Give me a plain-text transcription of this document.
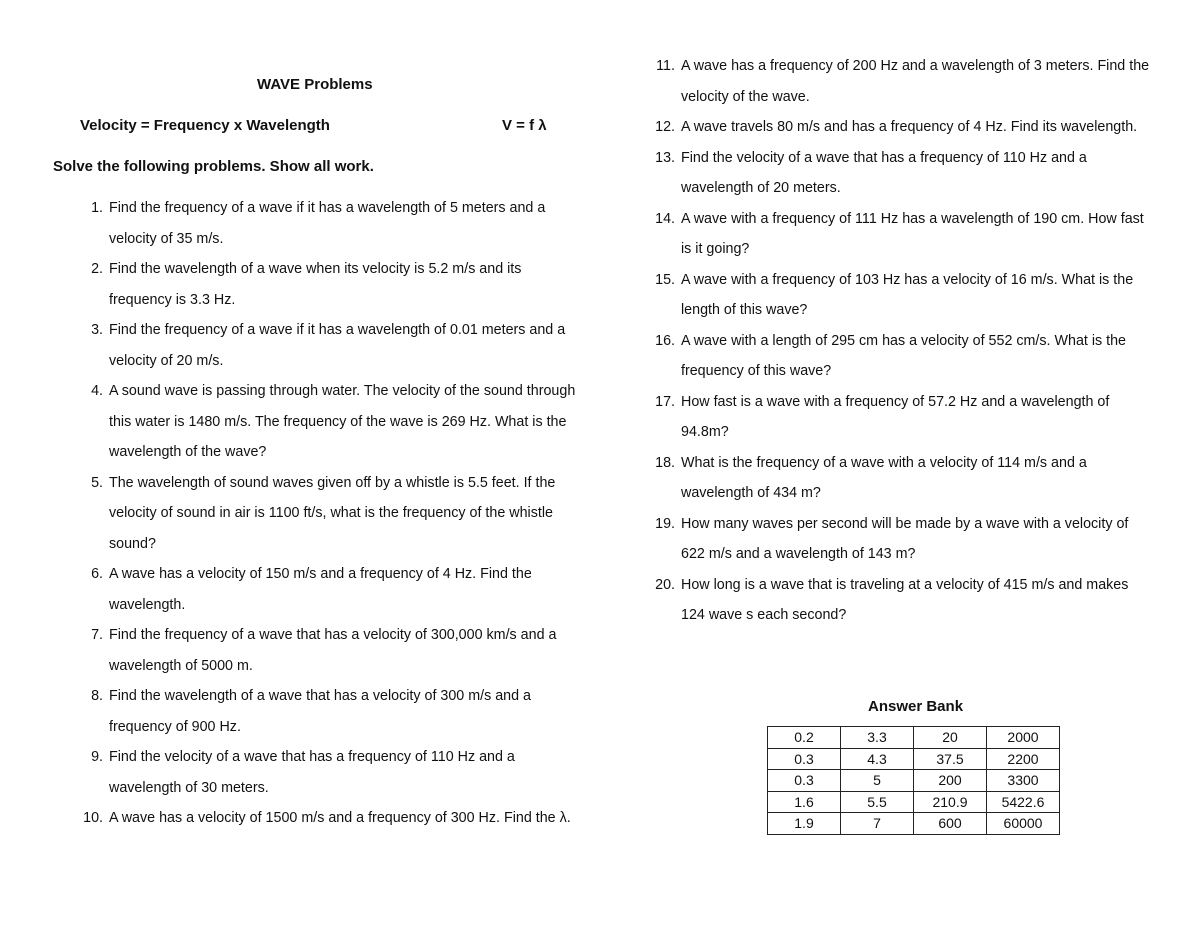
WAVE Problems
Velocity = Frequency x Wavelength	V = f λ
Solve the following problems. Show all work.
1. Find the frequency of a wave if it has a wavelength of 5 meters and a velocity of 35 m/s.
2. Find the wavelength of a wave when its velocity is 5.2 m/s and its frequency is 3.3 Hz.
3. Find the frequency of a wave if it has a wavelength of 0.01 meters and a velocity of 20 m/s.
4. A sound wave is passing through water. The velocity of the sound through this water is 1480 m/s. The frequency of the wave is 269 Hz. What is the wavelength of the wave?
5. The wavelength of sound waves given off by a whistle is 5.5 feet. If the velocity of sound in air is 1100 ft/s, what is the frequency of the whistle sound?
6. A wave has a velocity of 150 m/s and a frequency of 4 Hz. Find the wavelength.
7. Find the frequency of a wave that has a velocity of 300,000 km/s and a wavelength of 5000 m.
8. Find the wavelength of a wave that has a velocity of 300 m/s and a frequency of 900 Hz.
9. Find the velocity of a wave that has a frequency of 110 Hz and a wavelength of 30 meters.
10. A wave has a velocity of 1500 m/s and a frequency of 300 Hz. Find the λ.
11. A wave has a frequency of 200 Hz and a wavelength of 3 meters. Find the velocity of the wave.
12. A wave travels 80 m/s and has a frequency of 4 Hz. Find its wavelength.
13. Find the velocity of a wave that has a frequency of 110 Hz and a wavelength of 20 meters.
14. A wave with a frequency of 111 Hz has a wavelength of 190 cm. How fast is it going?
15. A wave with a frequency of 103 Hz has a velocity of 16 m/s. What is the length of this wave?
16. A wave with a length of 295 cm has a velocity of 552 cm/s. What is the frequency of this wave?
17. How fast is a wave with a frequency of 57.2 Hz and a wavelength of 94.8m?
18. What is the frequency of a wave with a velocity of 114 m/s and a wavelength of 434 m?
19. How many waves per second will be made by a wave with a velocity of 622 m/s and a wavelength of 143 m?
20. How long is a wave that is traveling at a velocity of 415 m/s and makes 124 wave s each second?
Answer Bank
0.2	3.3	20	2000
0.3	4.3	37.5	2200
0.3	5	200	3300
1.6	5.5	210.9	5422.6
1.9	7	600	60000
